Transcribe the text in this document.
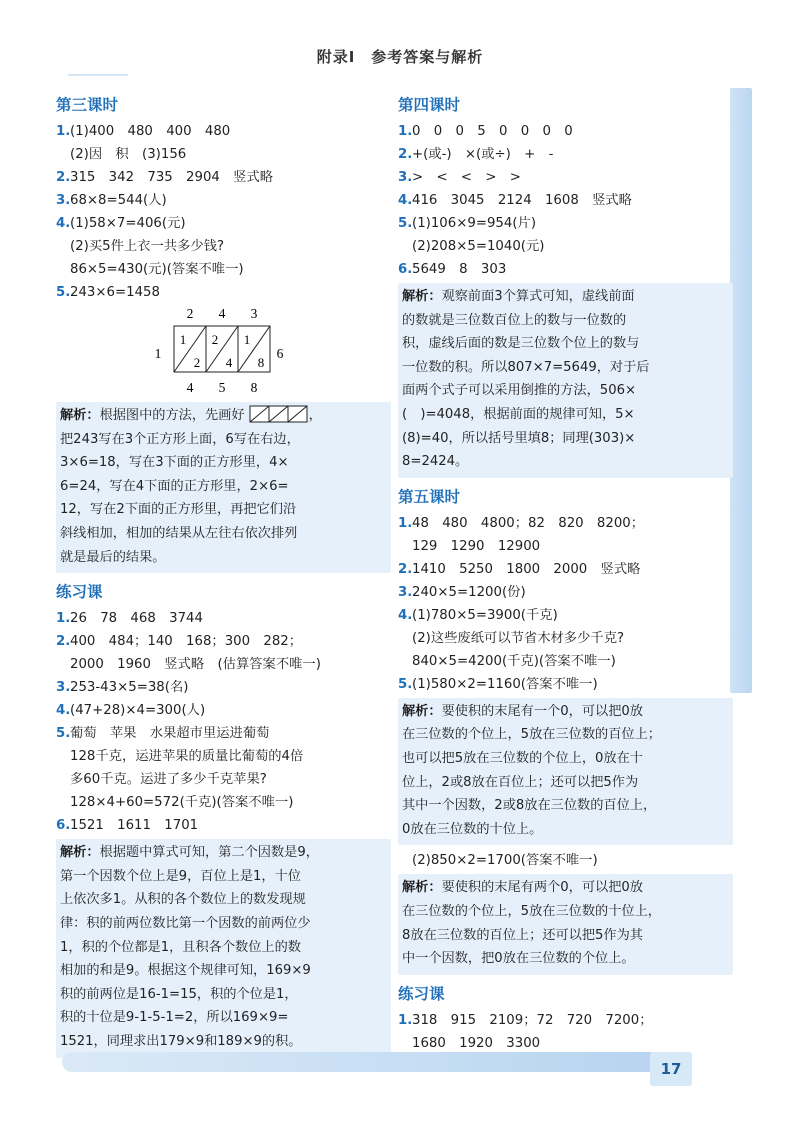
附录Ⅰ　参考答案与解析
第三课时
1.(1)400　480　400　480
(2)因　积　(3)156
2.315　342　735　2904　竖式略
3.68×8=544(人)
4.(1)58×7=406(元)
(2)买5件上衣一共多少钱?
86×5=430(元)(答案不唯一)
5.243×6=1458
2 4 3
1
1
2
2
4
1
8
6
4 5 8
解析：根据图中的方法，先画好	，
把243写在3个正方形上面，6写在右边，
3×6=18，写在3下面的正方形里，4×
6=24，写在4下面的正方形里，2×6=
12，写在2下面的正方形里，再把它们沿
斜线相加，相加的结果从左往右依次排列
就是最后的结果。
练习课
1.26　78　468　3744
2.400　484；140　168；300　282；
2000　1960　竖式略　(估算答案不唯一)
3.253-43×5=38(名)
4.(47+28)×4=300(人)
5.葡萄　苹果　水果超市里运进葡萄
128千克，运进苹果的质量比葡萄的4倍
多60千克。运进了多少千克苹果?
128×4+60=572(千克)(答案不唯一)
6.1521　1611　1701
解析：根据题中算式可知，第二个因数是9，
第一个因数个位上是9，百位上是1，十位
上依次多1。从积的各个数位上的数发现规
律：积的前两位数比第一个因数的前两位少
1，积的个位都是1，且积各个数位上的数
相加的和是9。根据这个规律可知，169×9
积的前两位是16-1=15，积的个位是1，
积的十位是9-1-5-1=2，所以169×9=
1521，同理求出179×9和189×9的积。
第四课时
1.0　0　0　5　0　0　0　0
2.+(或-)　×(或÷)　+　-
3.>　<　<　>　>
4.416　3045　2124　1608　竖式略
5.(1)106×9=954(片)
(2)208×5=1040(元)
6.5649　8　303
解析：观察前面3个算式可知，虚线前面
的数就是三位数百位上的数与一位数的
积，虚线后面的数是三位数个位上的数与
一位数的积。所以807×7=5649，对于后
面两个式子可以采用倒推的方法，506×
(　)=4048，根据前面的规律可知，5×
(8)=40，所以括号里填8；同理(303)×
8=2424。
第五课时
1.48　480　4800；82　820　8200；
129　1290　12900
2.1410　5250　1800　2000　竖式略
3.240×5=1200(份)
4.(1)780×5=3900(千克)
(2)这些废纸可以节省木材多少千克?
840×5=4200(千克)(答案不唯一)
5.(1)580×2=1160(答案不唯一)
解析：要使积的末尾有一个0，可以把0放
在三位数的个位上，5放在三位数的百位上；
也可以把5放在三位数的个位上，0放在十
位上，2或8放在百位上；还可以把5作为
其中一个因数，2或8放在三位数的百位上，
0放在三位数的十位上。
(2)850×2=1700(答案不唯一)
解析：要使积的末尾有两个0，可以把0放
在三位数的个位上，5放在三位数的十位上，
8放在三位数的百位上；还可以把5作为其
中一个因数，把0放在三位数的个位上。
练习课
1.318　915　2109；72　720　7200；
1680　1920　3300
17
